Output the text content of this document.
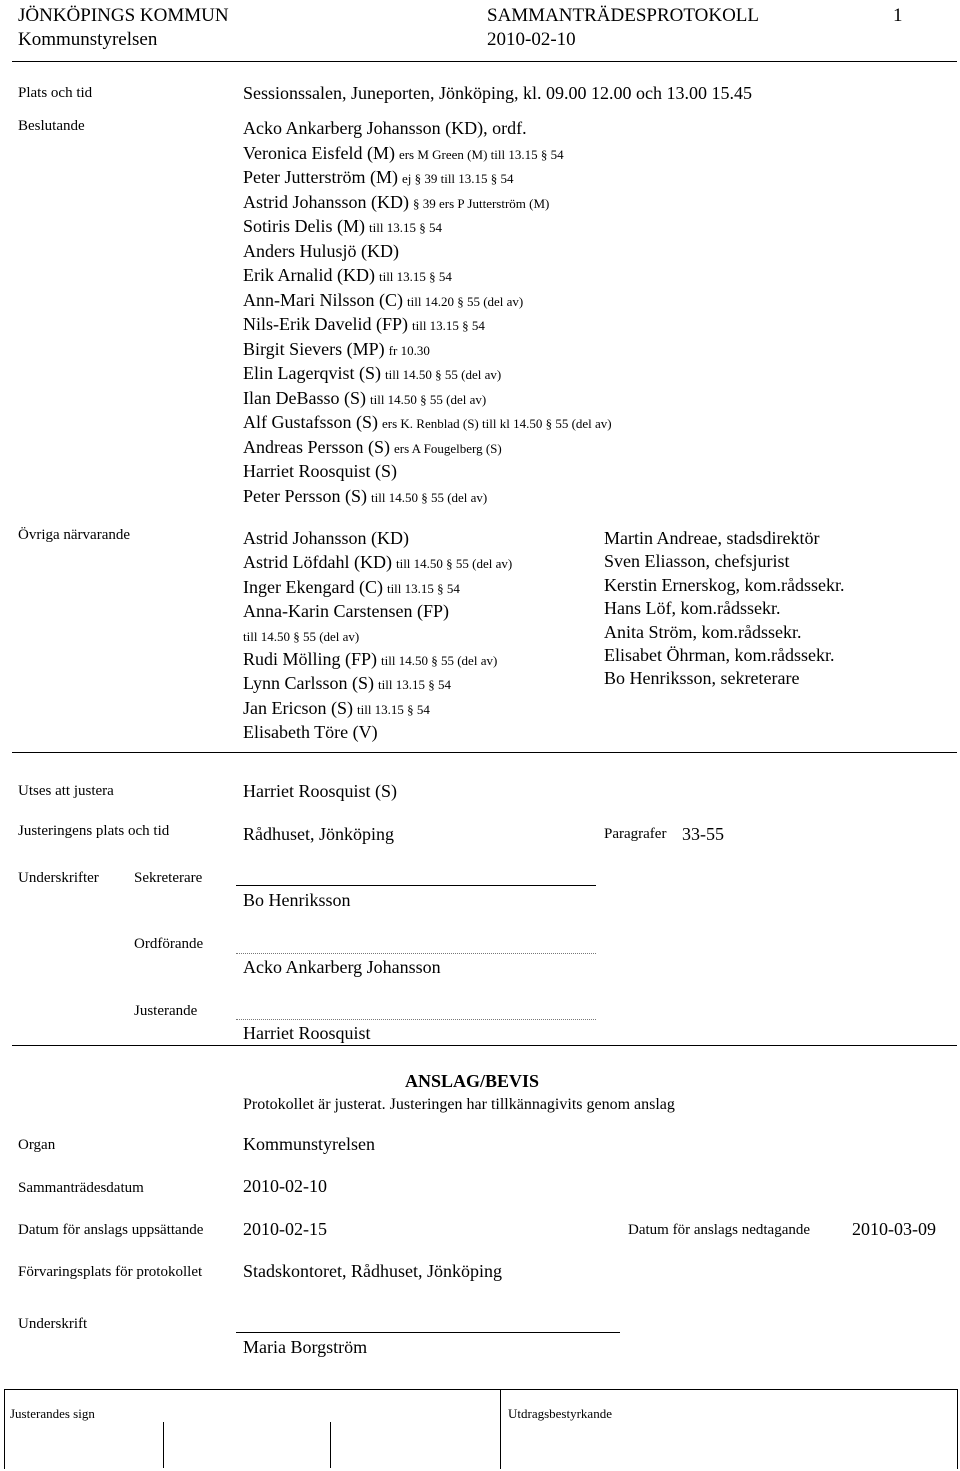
JÖNKÖPINGS KOMMUN
Kommunstyrelsen
SAMMANTRÄDESPROTOKOLL
2010-02-10
1
Plats och tid	Sessionssalen, Juneporten, Jönköping, kl. 09.00 12.00 och 13.00 15.45
Beslutande	Acko Ankarberg Johansson (KD), ordf.
Veronica Eisfeld (M) ers M Green (M) till 13.15 § 54
Peter Jutterström (M) ej § 39 till 13.15 § 54
Astrid Johansson (KD) § 39 ers P Jutterström (M)
Sotiris Delis (M) till 13.15 § 54
Anders Hulusjö (KD)
Erik Arnalid (KD) till 13.15 § 54
Ann-Mari Nilsson (C) till 14.20 § 55 (del av)
Nils-Erik Davelid (FP) till 13.15 § 54
Birgit Sievers (MP) fr 10.30
Elin Lagerqvist (S) till 14.50 § 55 (del av)
Ilan DeBasso (S) till 14.50 § 55 (del av)
Alf Gustafsson (S) ers K. Renblad (S) till kl 14.50 § 55 (del av)
Andreas Persson (S) ers A Fougelberg (S)
Harriet Roosquist (S)
Peter Persson (S) till 14.50 § 55 (del av)
Övriga närvarande	Astrid Johansson (KD)
Astrid Löfdahl (KD) till 14.50 § 55 (del av)
Inger Ekengard (C) till 13.15 § 54
Anna-Karin Carstensen (FP)
till 14.50 § 55 (del av)
Rudi Mölling (FP) till 14.50 § 55 (del av)
Lynn Carlsson (S) till 13.15 § 54
Jan Ericson (S) till 13.15 § 54
Elisabeth Töre (V)
Martin Andreae, stadsdirektör
Sven Eliasson, chefsjurist
Kerstin Ernerskog, kom.rådssekr.
Hans Löf, kom.rådssekr.
Anita Ström, kom.rådssekr.
Elisabet Öhrman, kom.rådssekr.
Bo Henriksson, sekreterare
Utses att justera	Harriet Roosquist (S)
Justeringens plats och tid	Rådhuset, Jönköping	Paragrafer 33-55
Underskrifter Sekreterare
Bo Henriksson
Ordförande
Acko Ankarberg Johansson
Justerande
Harriet Roosquist
ANSLAG/BEVIS
Protokollet är justerat. Justeringen har tillkännagivits genom anslag
Organ	Kommunstyrelsen
Sammanträdesdatum	2010-02-10
Datum för anslags uppsättande 2010-02-15	Datum för anslags nedtagande 2010-03-09
Förvaringsplats för protokollet Stadskontoret, Rådhuset, Jönköping
Underskrift
Maria Borgström
Justerandes sign	Utdragsbestyrkande
